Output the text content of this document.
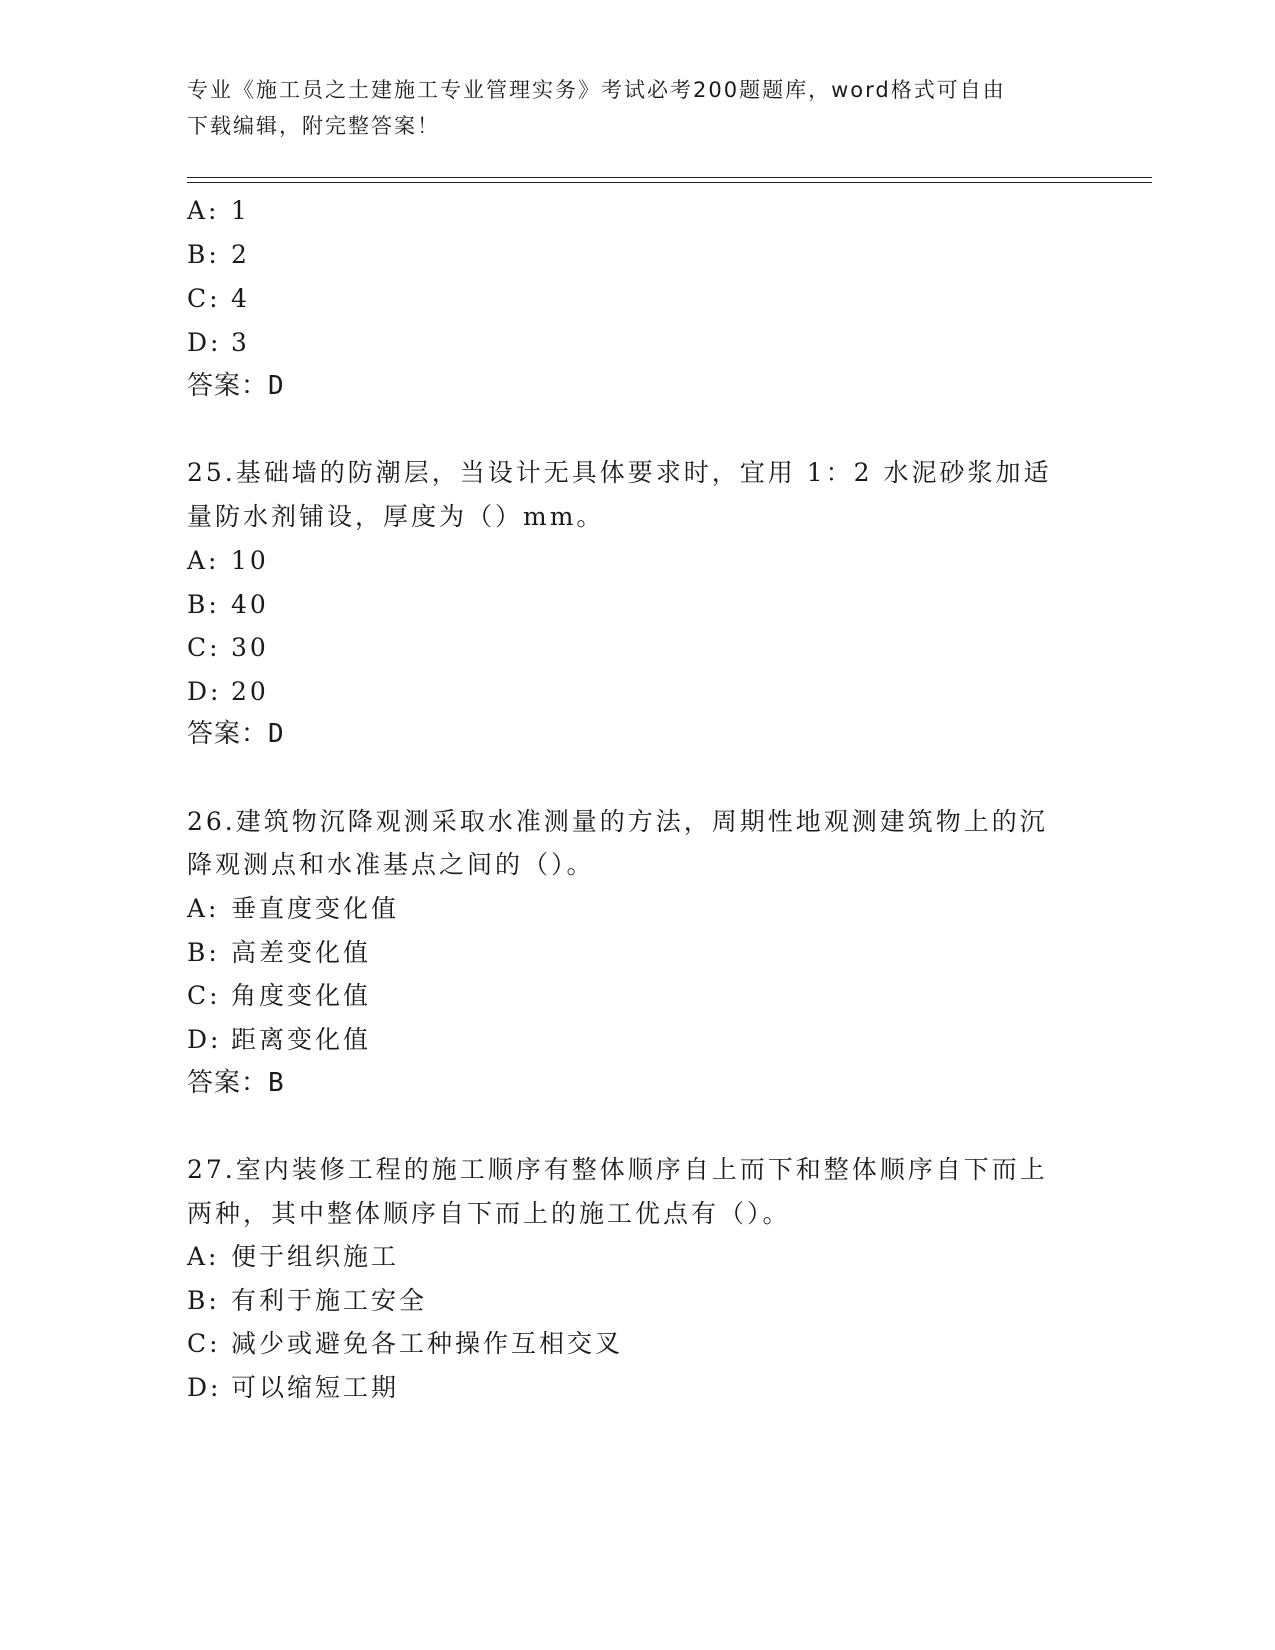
专业《施工员之土建施工专业管理实务》考试必考200题题库，word格式可自由
下载编辑，附完整答案！
A: 1
B: 2
C: 4
D: 3
答案：D
25.基础墙的防潮层，当设计无具体要求时，宜用 1：2 水泥砂浆加适
量防水剂铺设，厚度为（）mm。
A: 10
B: 40
C: 30
D: 20
答案：D
26.建筑物沉降观测采取水准测量的方法，周期性地观测建筑物上的沉
降观测点和水准基点之间的（）。
A: 垂直度变化值
B: 高差变化值
C: 角度变化值
D: 距离变化值
答案：B
27.室内装修工程的施工顺序有整体顺序自上而下和整体顺序自下而上
两种，其中整体顺序自下而上的施工优点有（）。
A: 便于组织施工
B: 有利于施工安全
C: 减少或避免各工种操作互相交叉
D: 可以缩短工期
